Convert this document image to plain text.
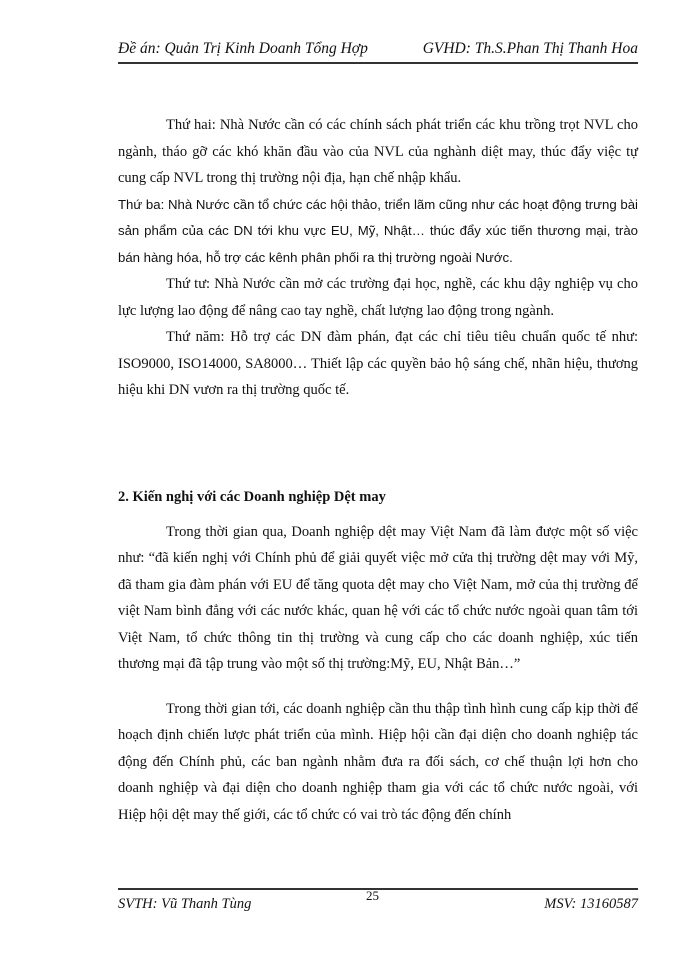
Đề án: Quản Trị Kinh Doanh Tổng Hợp	GVHD: Th.S.Phan Thị Thanh Hoa

Thứ hai: Nhà Nước cần có các chính sách phát triển các khu trồng trọt NVL cho ngành, tháo gỡ các khó khăn đầu vào của NVL của nghành diệt may, thúc đẩy việc tự cung cấp NVL trong thị trường nội địa, hạn chế nhập khẩu.

Thứ ba: Nhà Nước cần tổ chức các hội thảo, triển lãm cũng như các hoạt động trưng bài sản phẩm của các DN tới khu vực EU, Mỹ, Nhật… thúc đẩy xúc tiến thương mại, trào bán hàng hóa, hỗ trợ các kênh phân phối ra thị trường ngoài Nước.

Thứ tư: Nhà Nước cần mở các trường đại học, nghề, các khu dậy nghiệp vụ cho lực lượng lao động để nâng cao tay nghề, chất lượng lao động trong ngành.

Thứ năm: Hỗ trợ các DN đàm phán, đạt các chỉ tiêu tiêu chuẩn quốc tế như: ISO9000, ISO14000, SA8000… Thiết lập các quyền bảo hộ sáng chế, nhãn hiệu, thương hiệu khi DN vươn ra thị trường quốc tế.

2. Kiến nghị với các Doanh nghiệp Dệt may

Trong thời gian qua, Doanh nghiệp dệt may Việt Nam đã làm được một số việc như: “đã kiến nghị với Chính phủ để giải quyết việc mở cửa thị trường dệt may với Mỹ, đã tham gia đàm phán với EU để tăng quota dệt may cho Việt Nam, mở của thị trường để việt Nam bình đẳng với các nước khác, quan hệ với các tổ chức nước ngoài quan tâm tới Việt Nam, tổ chức thông tin thị trường và cung cấp cho các doanh nghiệp, xúc tiến thương mại đã tập trung vào một số thị trường:Mỹ, EU, Nhật Bản…”

Trong thời gian tới, các doanh nghiệp cần thu thập tình hình cung cấp kịp thời để hoạch định chiến lược phát triển của mình. Hiệp hội cần đại diện cho doanh nghiệp tác động đến Chính phủ, các ban ngành nhằm đưa ra đối sách, cơ chế thuận lợi hơn cho doanh nghiệp và đại diện cho doanh nghiệp tham gia với các tổ chức nước ngoài, với Hiệp hội dệt may thế giới, các tổ chức có vai trò tác động đến chính

SVTH: Vũ Thanh Tùng	MSV: 13160587
25
